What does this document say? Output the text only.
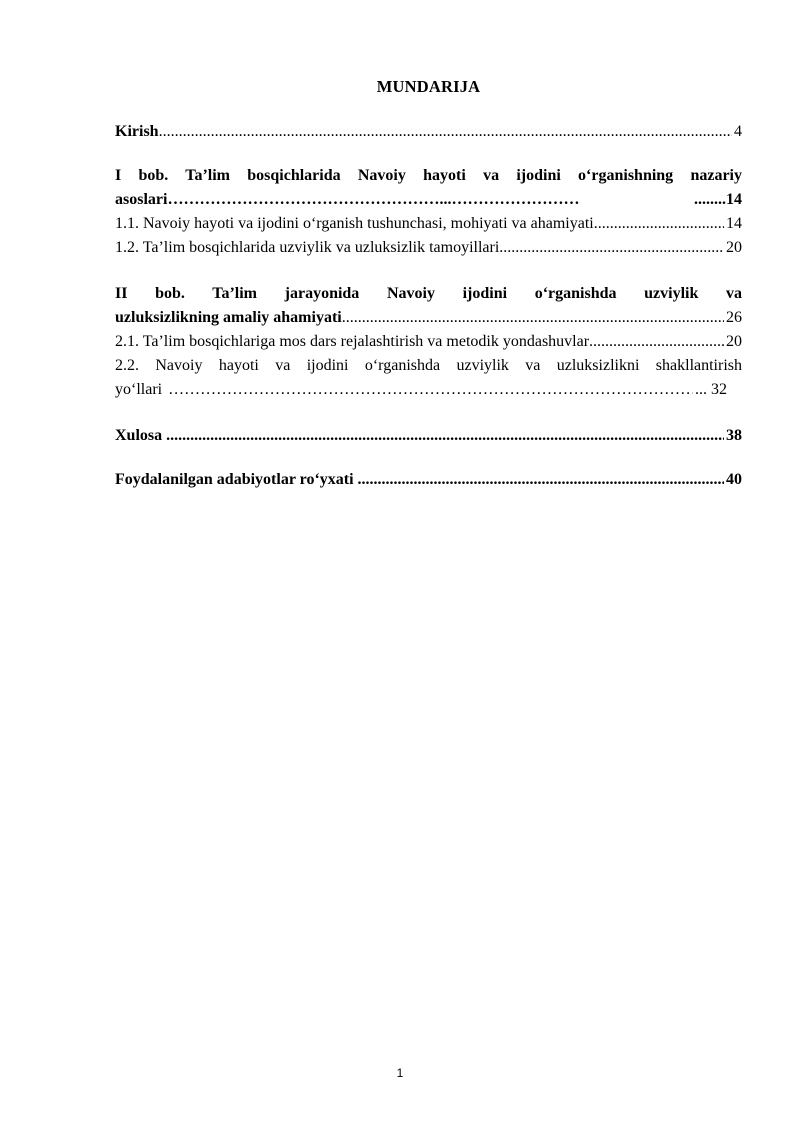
MUNDARIJA
Kirish .....	4
I bob. Ta’lim bosqichlarida Navoiy hayoti va ijodini o‘rganishning nazariy
asoslari ……………………………………………...……………………	........14
1.1. Navoiy hayoti va ijodini o‘rganish tushunchasi, mohiyati va ahamiyati .....	14
1.2. Ta’lim bosqichlarida uzviylik va uzluksizlik tamoyillari .....	20
II bob. Ta’lim jarayonida Navoiy ijodini o‘rganishda uzviylik va
uzluksizlikning amaliy ahamiyati .....	26
2.1. Ta’lim bosqichlariga mos dars rejalashtirish va metodik yondashuvlar .....	20
2.2. Navoiy hayoti va ijodini o‘rganishda uzviylik va uzluksizlikni shakllantirish
yo‘llari ……………………………………………………………………………………………………………………………………………………	... 32
Xulosa .....	38
Foydalanilgan adabiyotlar ro‘yxati .....	40
1
